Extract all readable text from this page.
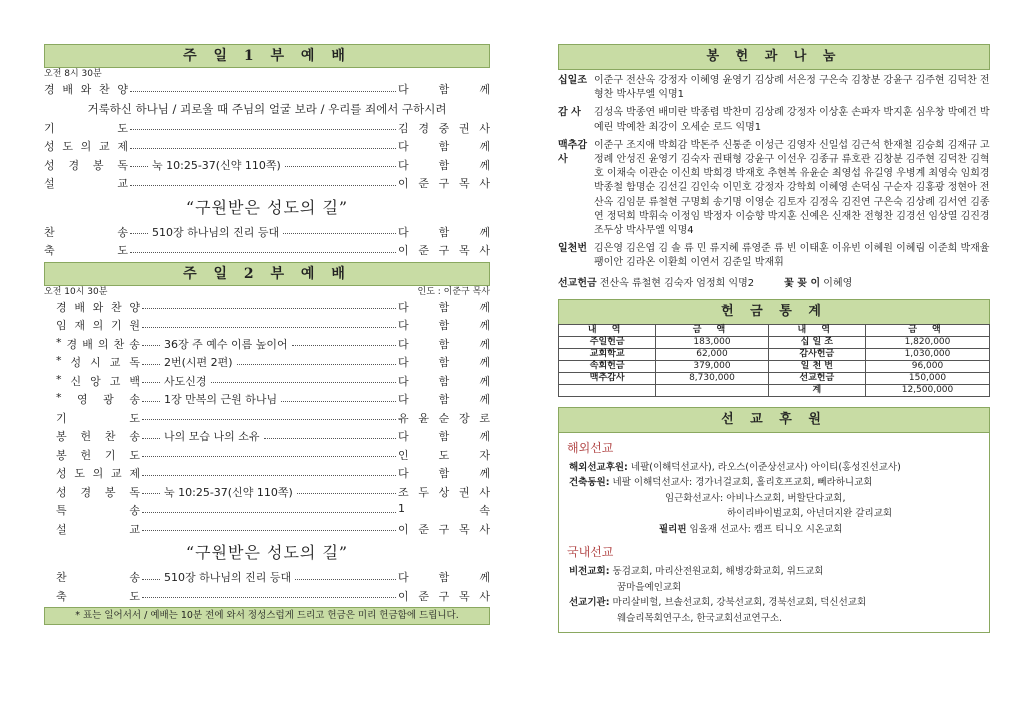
주 일 1 부 예 배
오전 8시 30분
경 배 와 찬 양	다	함	께
거룩하신 하나님 / 괴로울 때 주님의 얼굴 보라 / 우리를 죄에서 구하시려
기	도	김 경 중 권 사
성 도 의 교 제	다	함	께
성 경 봉 독 눅 10:25-37(신약 110쪽)	다	함	께
설	교	이 준 구 목 사
“구원받은 성도의 길”
찬	송 510장 하나님의 진리 등대	다	함	께
축	도	이 준 구 목 사
주 일 2 부 예 배
오전 10시 30분	인도 : 이준구 목사
경 배 와 찬 양	다	함	께
임 재 의 기 원	다	함	께
* 경 배 의 찬 송 36장 주 예수 이름 높이어	다	함	께
* 성 시 교 독 2번(시편 2편)	다	함	께
* 신 앙 고 백 사도신경	다	함	께
* 영 광 송 1장 만복의 근원 하나님	다	함	께
기	도	유 윤 순 장 로
봉 헌 찬 송 나의 모습 나의 소유	다	함	께
봉 헌 기 도	인	도	자
성 도 의 교 제	다	함	께
성 경 봉 독 눅 10:25-37(신약 110쪽)	조 두 상 권 사
특	송	1	속
설	교	이 준 구 목 사
“구원받은 성도의 길”
찬	송 510장 하나님의 진리 등대	다	함	께
축	도	이 준 구 목 사
* 표는 일어서서 / 예배는 10분 전에 와서 정성스럽게 드리고 헌금은 미리 헌금함에 드립니다.
봉 헌 과 나 눔
십일조 이준구 전산옥 강정자 이혜영 윤영기 김상례 서은정 구은숙 김창분 강윤구 김주현 김덕찬 전형찬 박사무엘 익명1
감 사	김성옥 박종연 배미란 박종렵 박찬미 김상례 강정자 이상훈 손파자 박지훈 심우창 박예건 박예린 박예찬 최강이 오세순 로드 익명1
맥추감사
이준구 조지애 박희감 박돈주 신통준 이성근 김영자 신일섭 김근석 한재철 김승희 김재규 고정례 안성진 윤영기 김숙자 권태형 강윤구 이선우 김종규 류호관 김창분 김주현 김덕찬 김혁호 이채숙 이관순 이신희 박희경 박재호 추현복 유윤순 최영섭 유길영 우병계 최영숙 임희경 박종철 함명순 김선길 김인숙 이민호 강정자 강학희 이혜영 손덕심 구순자 김홍광 정현아 전산옥 김임문 류철현 구명회 송기명 이영순 김토자 김정옥 김진연 구은숙 김상례 김서연 김종연 정덕희 박휘숙 이정임 박정자 이승향 박지훈 신예은 신재찬 전형찬 김경선 임상열 김진경 조두상 박사무엘 익명4
일천번 김은영 김은엽 김 솔 류 민 류지혜 류영준 류 빈 이태훈 이유빈 이혜원 이혜림 이준희 박재율 팽이안 김라온 이환희 이연서 김준일 박재휘
선교헌금 전산옥 류철현 김숙자 엄정희 익명2	꽃 꽂 이 이혜영
헌 금 통 계
내 역	금 액	내 역	금 액
주일헌금	183,000	십 일 조	1,820,000
교회학교	62,000	감사헌금	1,030,000
속회헌금	379,000	일 천 번	96,000
맥추감사	8,730,000	선교헌금	150,000
		계	12,500,000
선 교 후 원
해외선교
해외선교후원: 네팔(이해덕선교사), 라오스(이준상선교사) 아이티(홍성진선교사)
건축동원: 네팔 이해덕선교사: 경가너걸교회, 홀리호프교회, 뻬라하니교회
임근화선교사: 아비나스교회, 버할단다교회,
하이리바이벌교회, 아넌더지완 갈리교회
필리핀 임올재 선교사: 캠프 티니오 시온교회
국내선교
비전교회: 동검교회, 마리산전원교회, 해병강화교회, 위드교회
꿈마을예인교회
선교기관: 마리살비헐, 브솔선교회, 강북선교회, 경북선교회, 덕신선교회
웨슬리목회연구소, 한국교회선교연구소.
